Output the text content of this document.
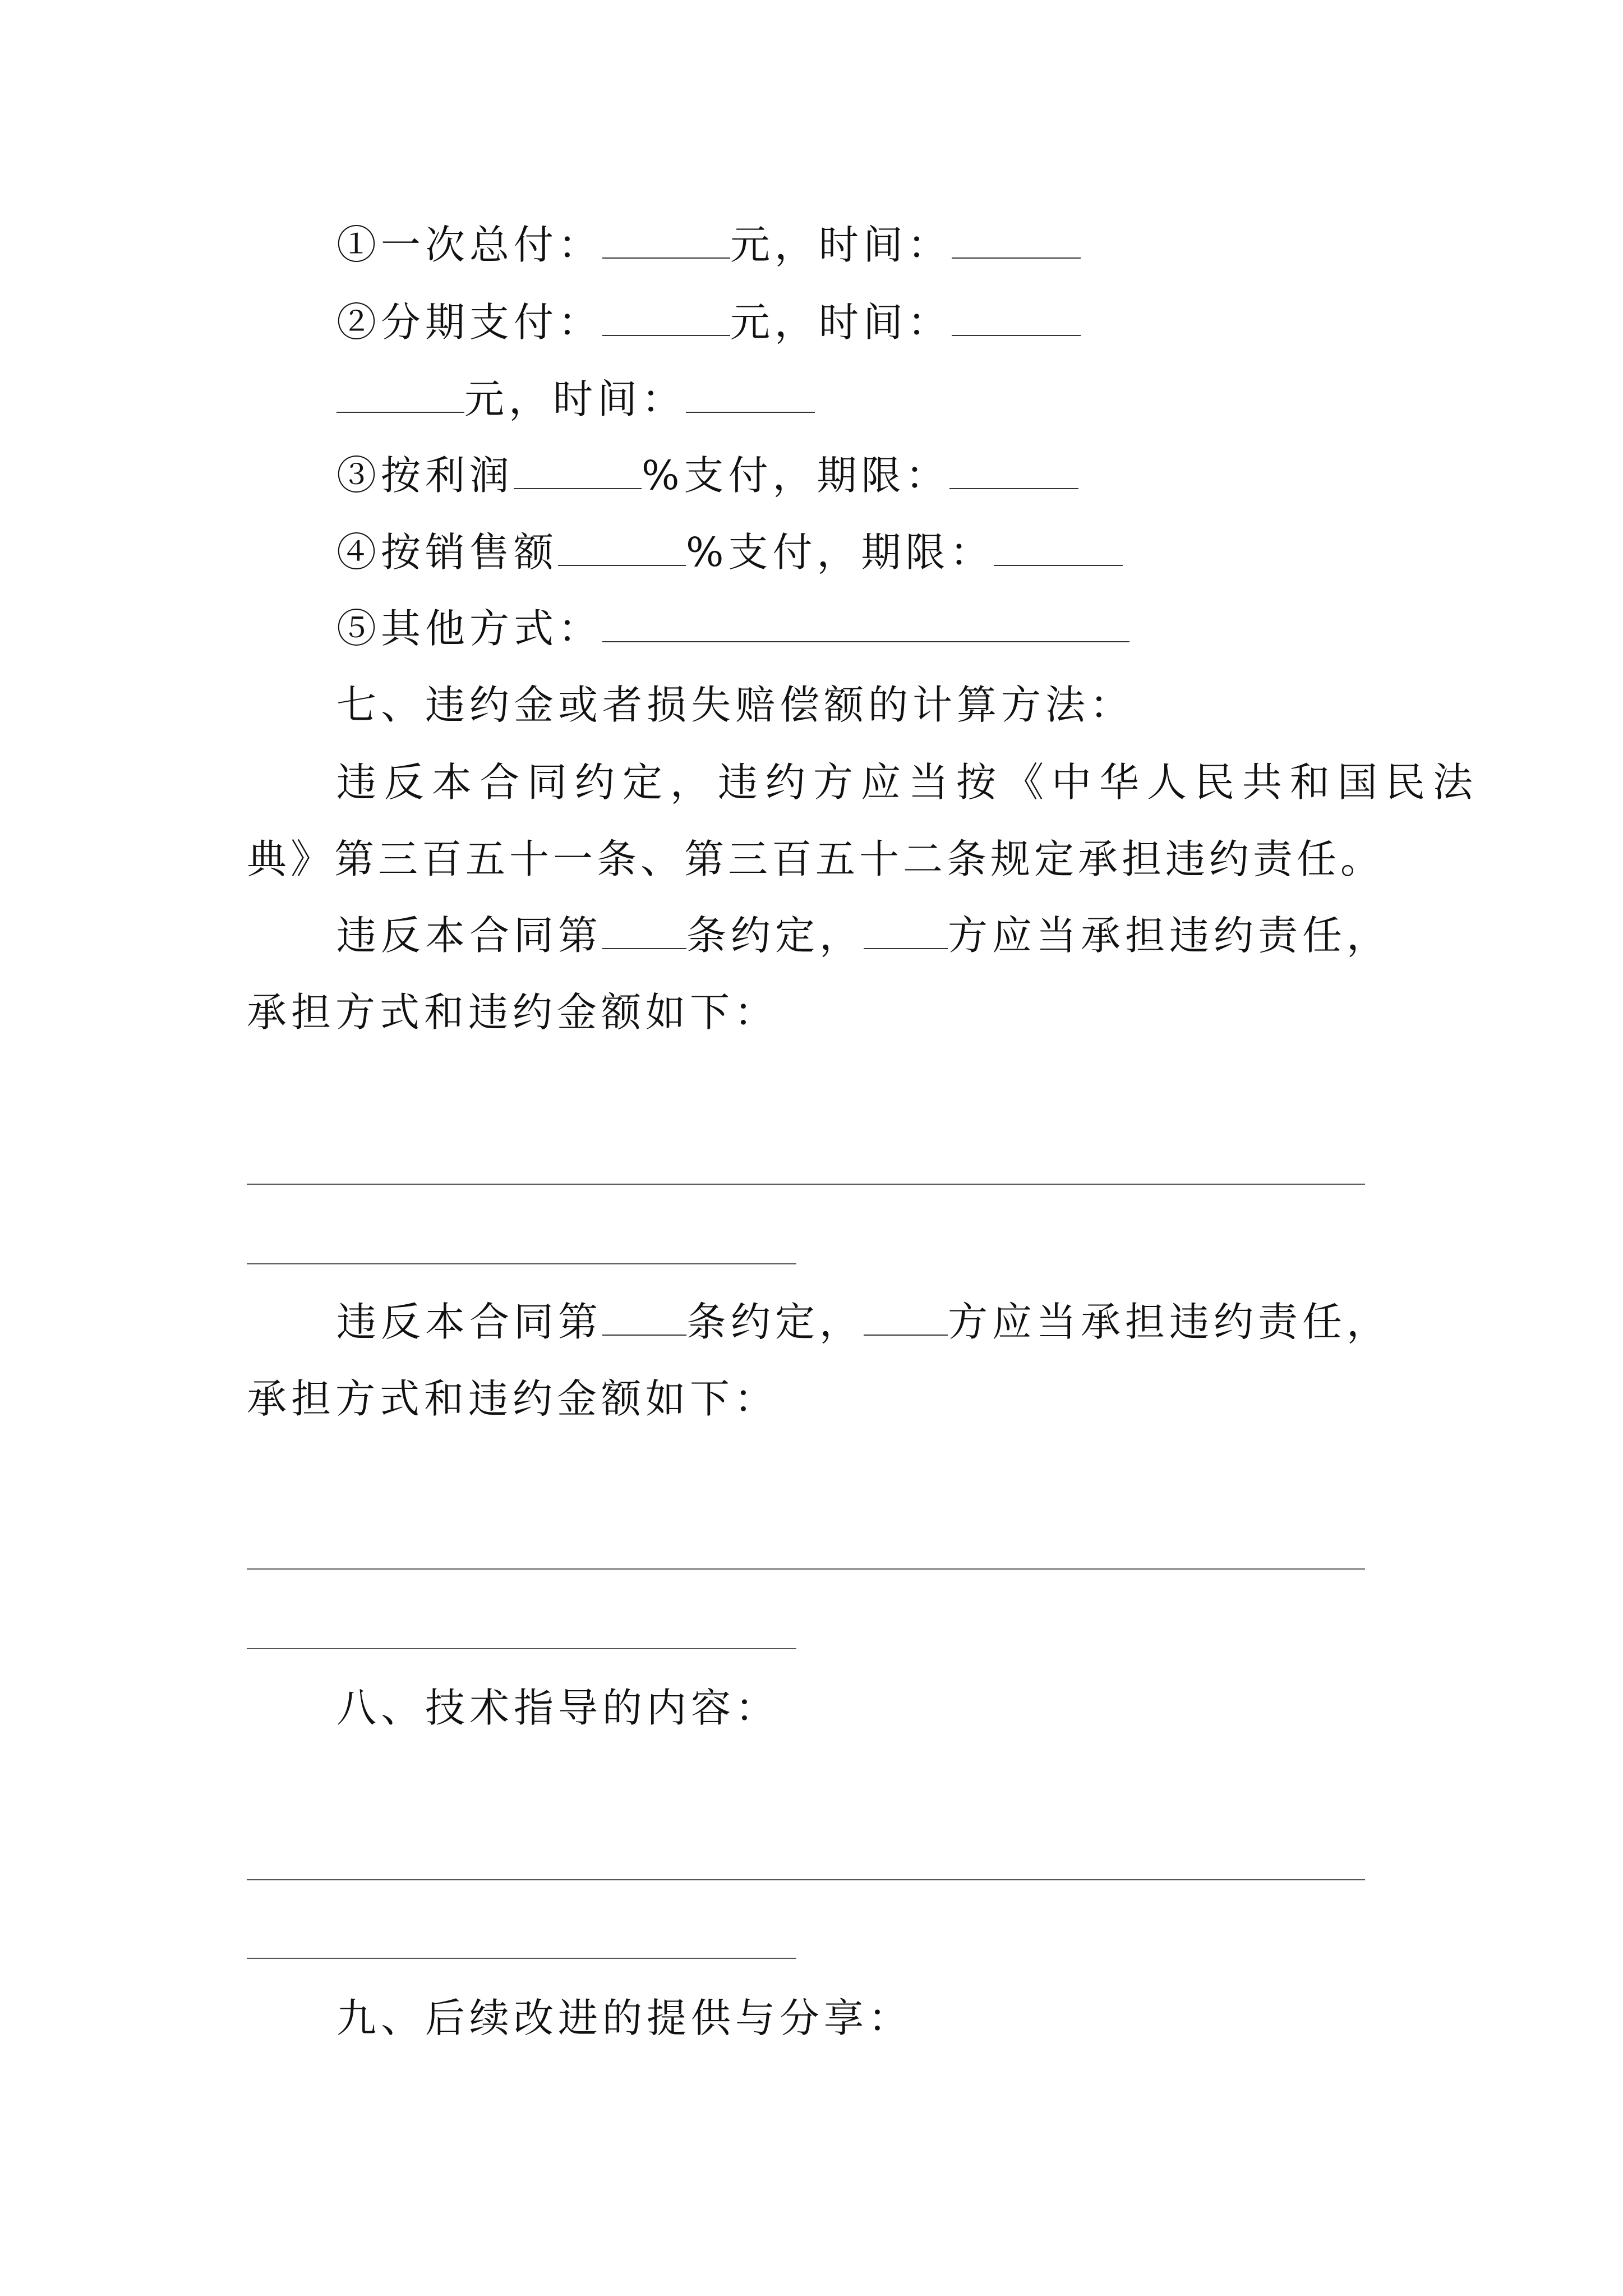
①一次总付：	元，时间：
②分期支付：	元，时间：
元，时间：
③按利润	%支付，期限：
④按销售额	%支付，期限：
⑤其他方式：
七、违约金或者损失赔偿额的计算方法：
违反本合同约定，违约方应当按《中华人民共和国民法
典》第三百五十一条、第三百五十二条规定承担违约责任。
违反本合同第 条约定， 方应当承担违约责任，
承担方式和违约金额如下：
违反本合同第 条约定， 方应当承担违约责任，
承担方式和违约金额如下：
八、技术指导的内容：
九、后续改进的提供与分享：
